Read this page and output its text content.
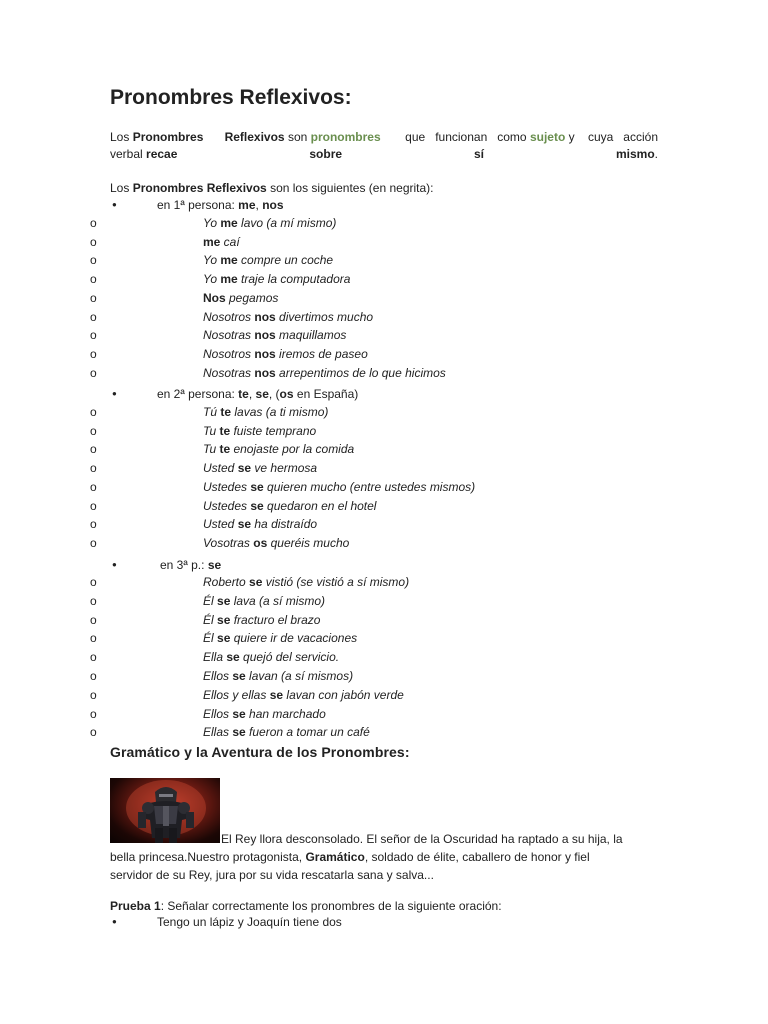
Pronombres Reflexivos:
Los Pronombres Reflexivos son pronombres que   funcionan   como sujeto y    cuya   acción
verbal recae	sobre	sí	mismo.
Los Pronombres Reflexivos son los siguientes (en negrita):
●	en 1ª persona: me, nos
o	Yo me lavo (a mí mismo)
o	me caí
o	Yo me compre un coche
o	Yo me traje la computadora
o	Nos pegamos
o	Nosotros nos divertimos mucho
o	Nosotras nos maquillamos
o	Nosotros nos iremos de paseo
o	Nosotras nos arrepentimos de lo que hicimos
●	en 2ª persona: te, se, (os en España)
o	Tú te lavas (a ti mismo)
o	Tu te fuiste temprano
o	Tu te enojaste por la comida
o	Usted se ve hermosa
o	Ustedes se quieren mucho (entre ustedes mismos)
o	Ustedes se quedaron en el hotel
o	Usted se ha distraído
o	Vosotras os queréis mucho
●	en 3ª p.: se
o	Roberto se vistió (se vistió a sí mismo)
o	Él se lava (a sí mismo)
o	Él se fracturo el brazo
o	Él se quiere ir de vacaciones
o	Ella se quejó del servicio.
o	Ellos se lavan (a sí mismos)
o	Ellos y ellas se lavan con jabón verde
o	Ellos se han marchado
o	Ellas se fueron a tomar un café
Gramático y la Aventura de los Pronombres:
El Rey llora desconsolado. El señor de la Oscuridad ha raptado a su hija, la
bella princesa.Nuestro protagonista, Gramático, soldado de élite, caballero de honor y fiel
servidor de su Rey, jura por su vida rescatarla sana y salva...
Prueba 1: Señalar correctamente los pronombres de la siguiente oración:
●	Tengo un lápiz y Joaquín tiene dos
